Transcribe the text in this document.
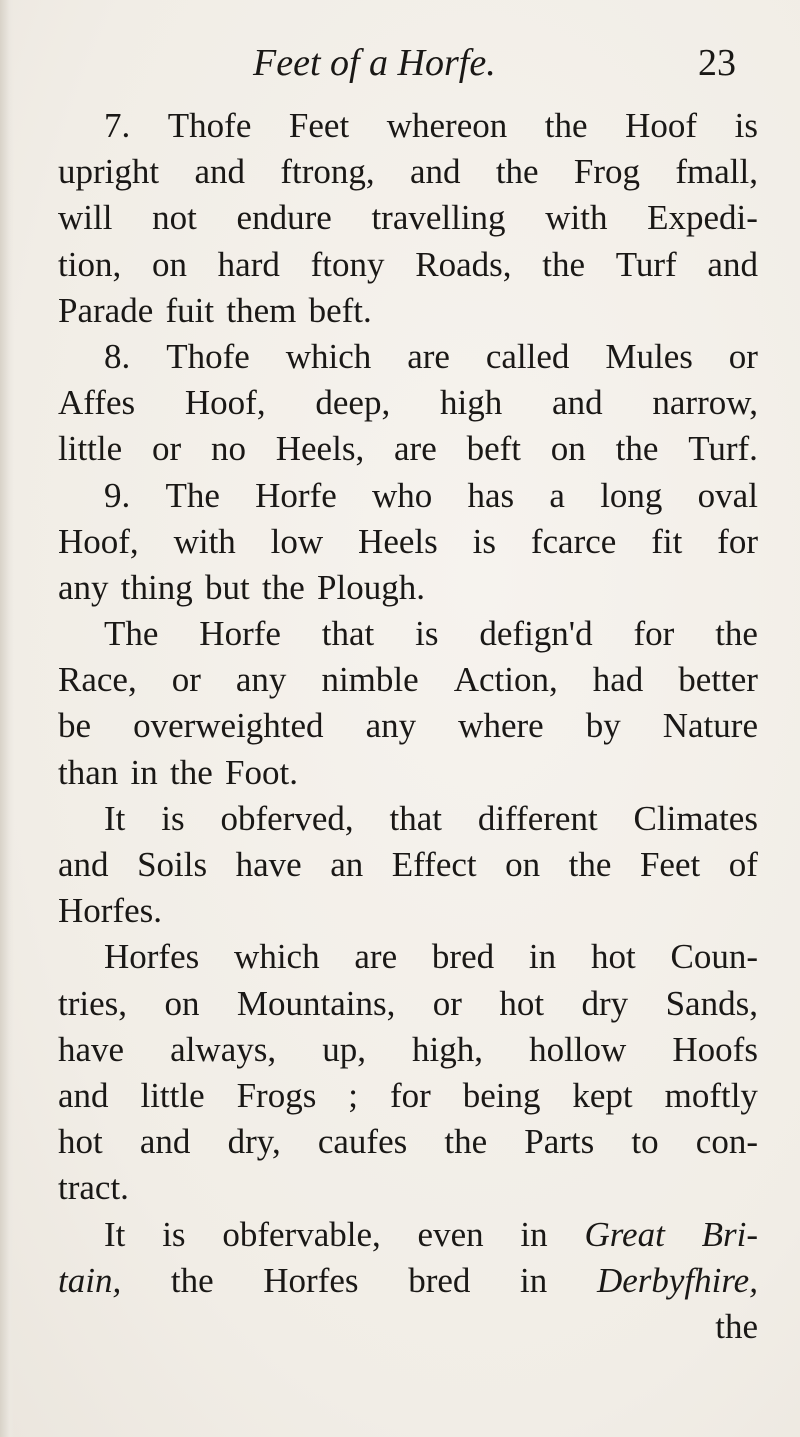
Feet of a Horfe.	23
7. Thofe Feet whereon the Hoof is
upright and ftrong, and the Frog fmall,
will not endure travelling with Expedi-
tion, on hard ftony Roads, the Turf and
Parade fuit them beft.
8. Thofe which are called Mules or
Affes Hoof, deep, high and narrow,
little or no Heels, are beft on the Turf.
9. The Horfe who has a long oval
Hoof, with low Heels is fcarce fit for
any thing but the Plough.
The Horfe that is defign'd for the
Race, or any nimble Action, had better
be overweighted any where by Nature
than in the Foot.
It is obferved, that different Climates
and Soils have an Effect on the Feet of
Horfes.
Horfes which are bred in hot Coun-
tries, on Mountains, or hot dry Sands,
have always, up, high, hollow Hoofs
and little Frogs ; for being kept moftly
hot and dry, caufes the Parts to con-
tract.
It is obfervable, even in Great Bri-
tain, the Horfes bred in Derbyfhire,
the
